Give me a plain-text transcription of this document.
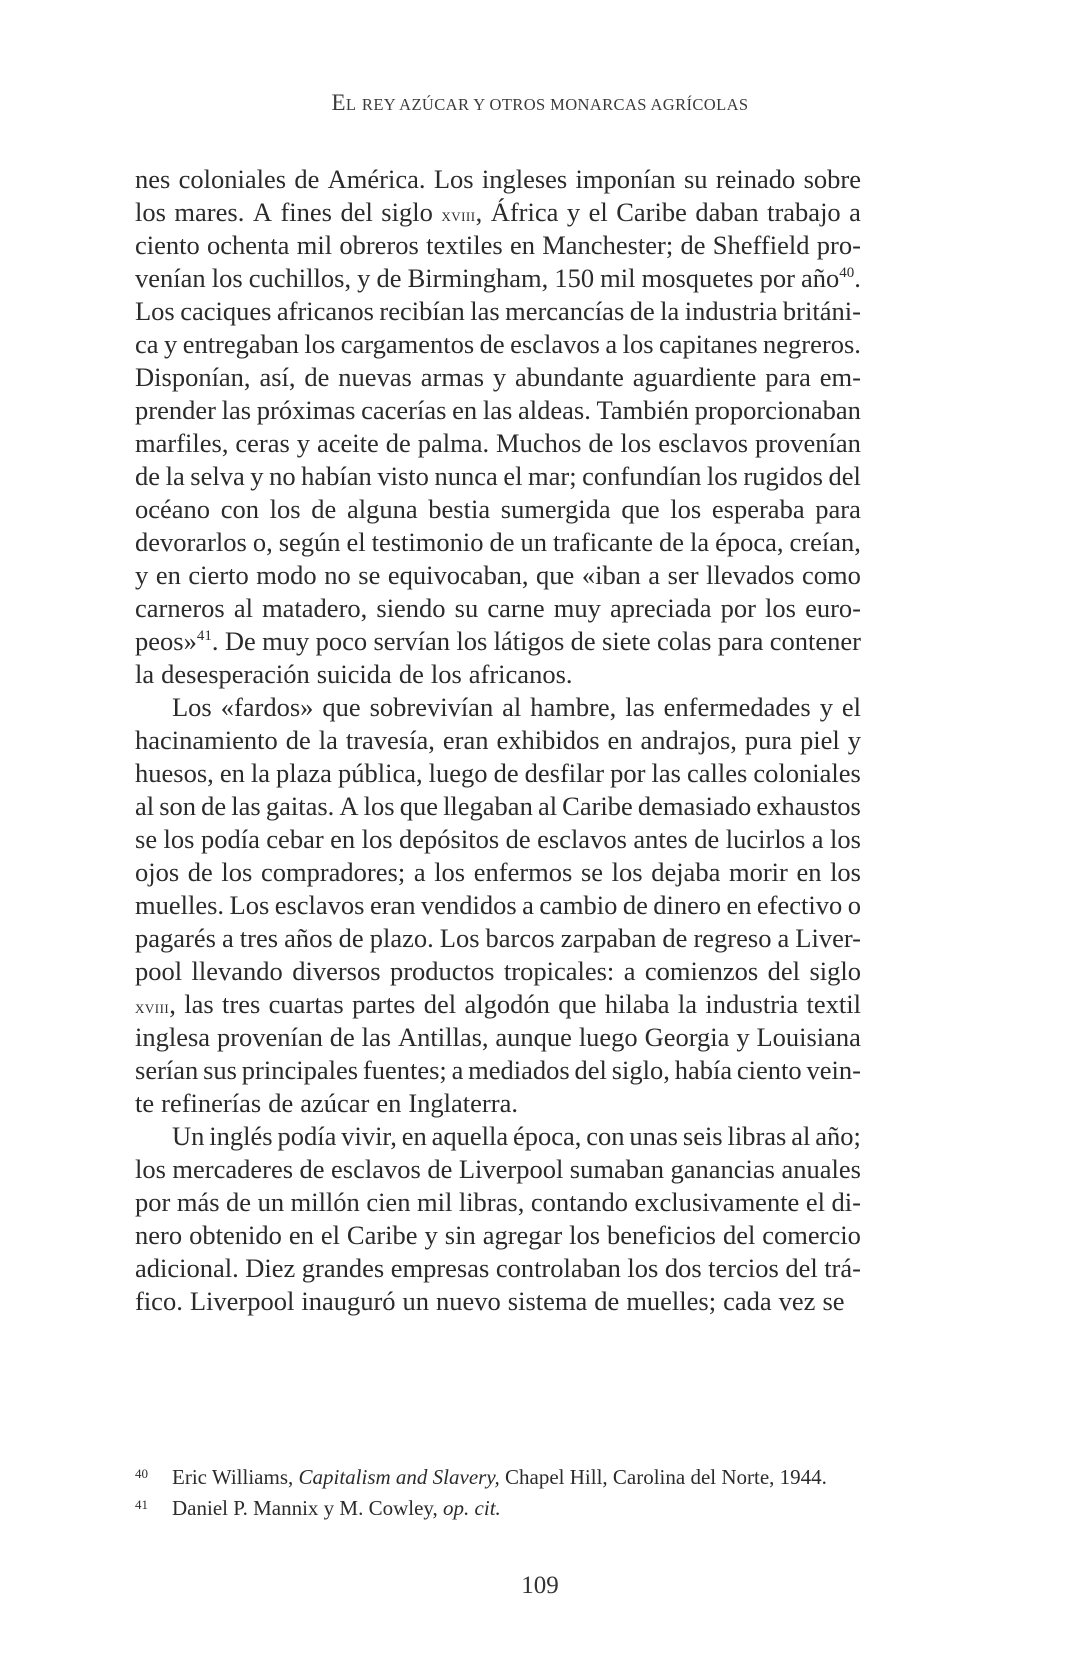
EL REY AZÚCAR Y OTROS MONARCAS AGRÍCOLAS
nes coloniales de América. Los ingleses imponían su reinado sobre
los mares. A fines del siglo xviii, África y el Caribe daban trabajo a
ciento ochenta mil obreros textiles en Manchester; de Sheffield pro-
venían los cuchillos, y de Birmingham, 150 mil mosquetes por año$^{40}$.
Los caciques africanos recibían las mercancías de la industria británi-
ca y entregaban los cargamentos de esclavos a los capitanes negreros.
Disponían, así, de nuevas armas y abundante aguardiente para em-
prender las próximas cacerías en las aldeas. También proporcionaban
marfiles, ceras y aceite de palma. Muchos de los esclavos provenían
de la selva y no habían visto nunca el mar; confundían los rugidos del
océano con los de alguna bestia sumergida que los esperaba para
devorarlos o, según el testimonio de un traficante de la época, creían,
y en cierto modo no se equivocaban, que «iban a ser llevados como
carneros al matadero, siendo su carne muy apreciada por los euro-
peos»$^{41}$. De muy poco servían los látigos de siete colas para contener
la desesperación suicida de los africanos.
Los «fardos» que sobrevivían al hambre, las enfermedades y el
hacinamiento de la travesía, eran exhibidos en andrajos, pura piel y
huesos, en la plaza pública, luego de desfilar por las calles coloniales
al son de las gaitas. A los que llegaban al Caribe demasiado exhaustos
se los podía cebar en los depósitos de esclavos antes de lucirlos a los
ojos de los compradores; a los enfermos se los dejaba morir en los
muelles. Los esclavos eran vendidos a cambio de dinero en efectivo o
pagarés a tres años de plazo. Los barcos zarpaban de regreso a Liver-
pool llevando diversos productos tropicales: a comienzos del siglo
xviii, las tres cuartas partes del algodón que hilaba la industria textil
inglesa provenían de las Antillas, aunque luego Georgia y Louisiana
serían sus principales fuentes; a mediados del siglo, había ciento vein-
te refinerías de azúcar en Inglaterra.
Un inglés podía vivir, en aquella época, con unas seis libras al año;
los mercaderes de esclavos de Liverpool sumaban ganancias anuales
por más de un millón cien mil libras, contando exclusivamente el di-
nero obtenido en el Caribe y sin agregar los beneficios del comercio
adicional. Diez grandes empresas controlaban los dos tercios del trá-
fico. Liverpool inauguró un nuevo sistema de muelles; cada vez se
40	Eric Williams, Capitalism and Slavery, Chapel Hill, Carolina del Norte, 1944.
41	Daniel P. Mannix y M. Cowley, op. cit.
109
